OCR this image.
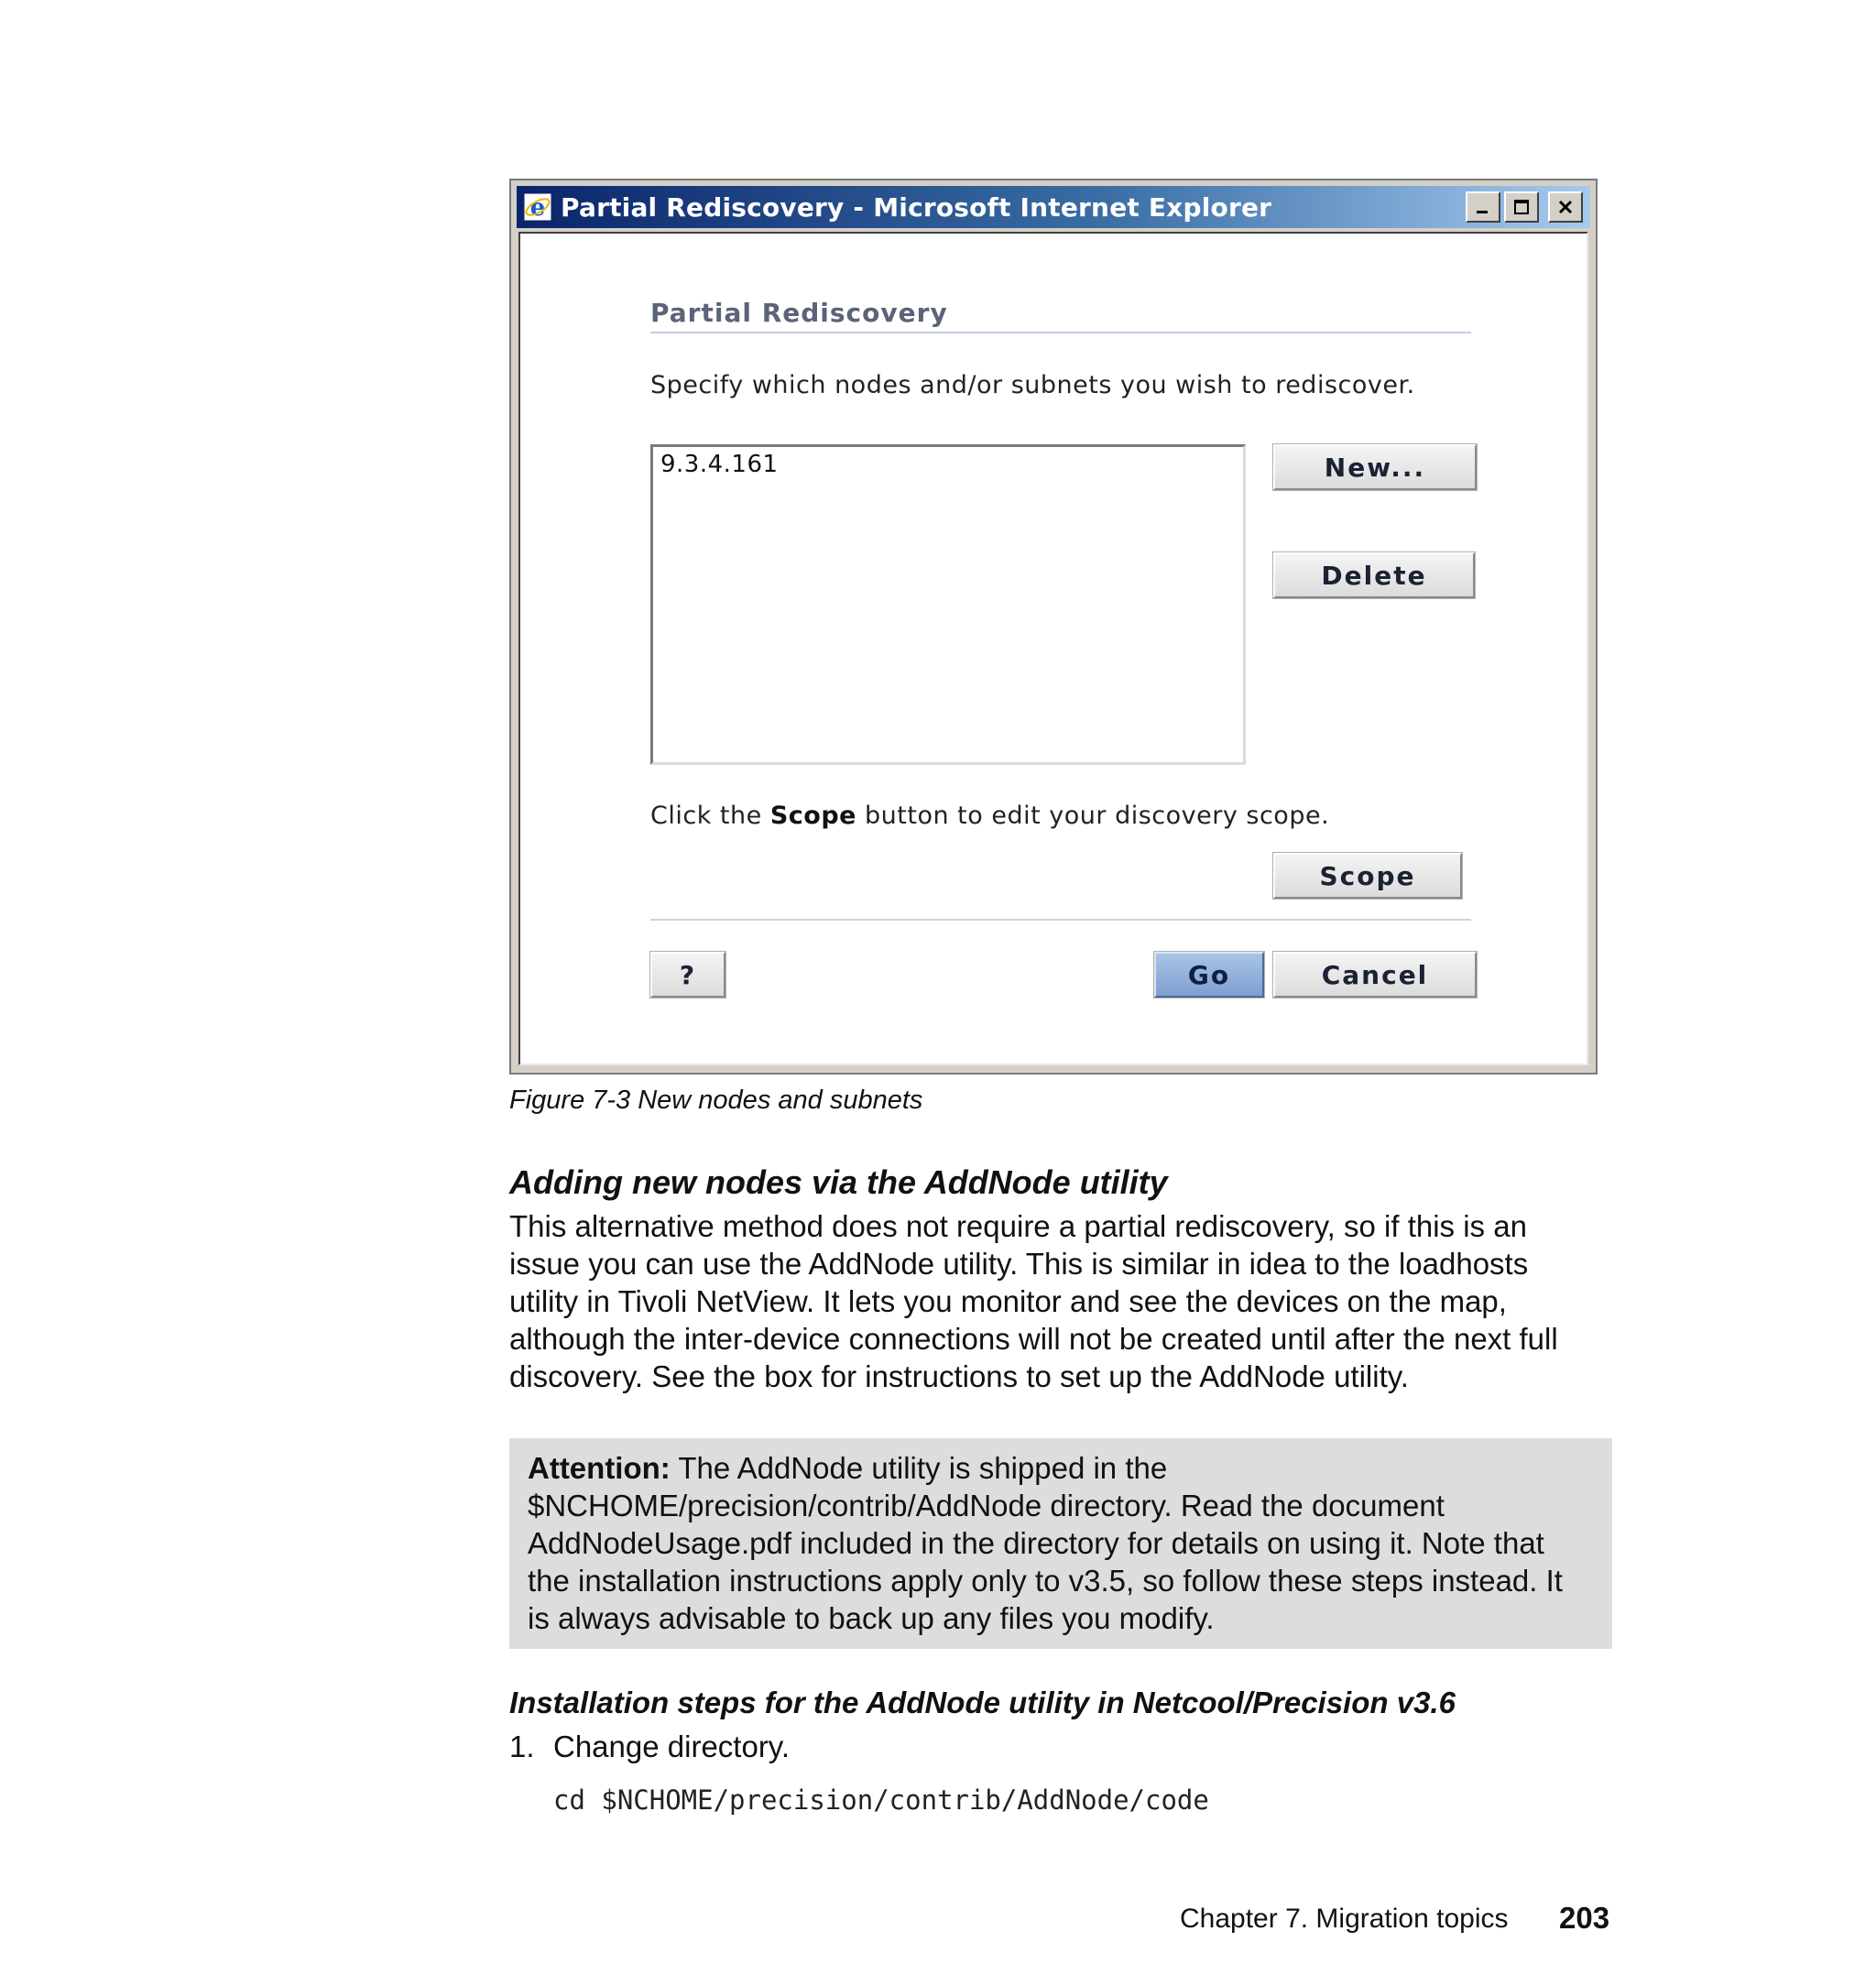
e Partial Rediscovery - Microsoft Internet Explorer
Partial Rediscovery
Specify which nodes and/or subnets you wish to rediscover.
9.3.4.161	New...
Delete
Click the Scope button to edit your discovery scope.
Scope
?	Go	Cancel
Figure 7-3 New nodes and subnets
Adding new nodes via the AddNode utility

This alternative method does not require a partial rediscovery, so if this is an
issue you can use the AddNode utility. This is similar in idea to the loadhosts
utility in Tivoli NetView. It lets you monitor and see the devices on the map,
although the inter-device connections will not be created until after the next full
discovery. See the box for instructions to set up the AddNode utility.

Attention: The AddNode utility is shipped in the
$NCHOME/precision/contrib/AddNode directory. Read the document
AddNodeUsage.pdf included in the directory for details on using it. Note that
the installation instructions apply only to v3.5, so follow these steps instead. It
is always advisable to back up any files you modify.

Installation steps for the AddNode utility in Netcool/Precision v3.6
1. Change directory.
cd $NCHOME/precision/contrib/AddNode/code
Chapter 7. Migration topics 203
